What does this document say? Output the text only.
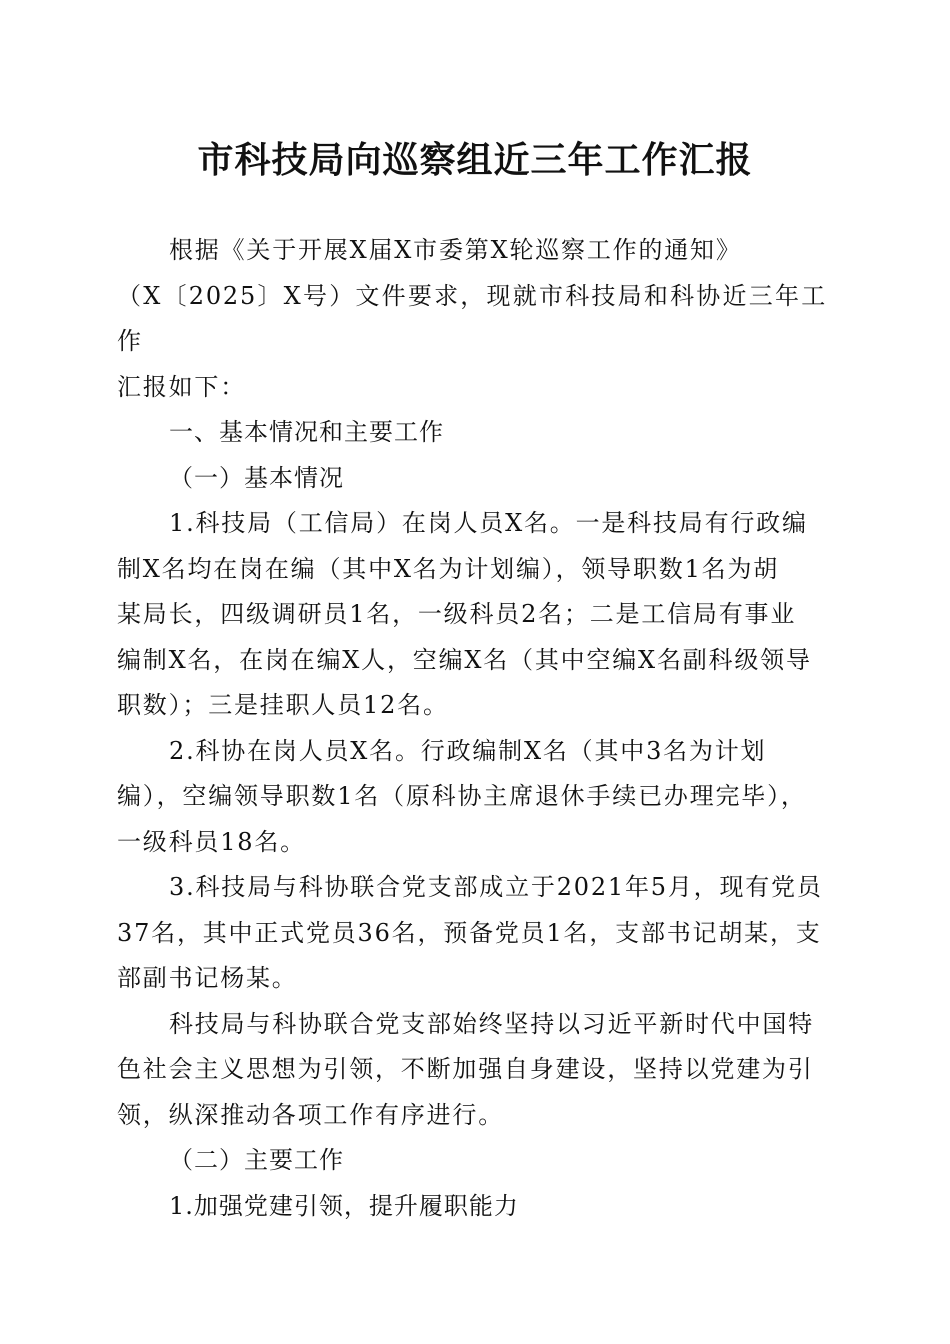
市科技局向巡察组近三年工作汇报

根据《关于开展X届X市委第X轮巡察工作的通知》
（X〔2025〕X号）文件要求，现就市科技局和科协近三年工作
汇报如下：

一、基本情况和主要工作

（一）基本情况

1.科技局（工信局）在岗人员X名。一是科技局有行政编
制X名均在岗在编（其中X名为计划编），领导职数1名为胡
某局长，四级调研员1名，一级科员2名；二是工信局有事业
编制X名，在岗在编X人，空编X名（其中空编X名副科级领导
职数）；三是挂职人员12名。

2.科协在岗人员X名。行政编制X名（其中3名为计划
编），空编领导职数1名（原科协主席退休手续已办理完毕），
一级科员18名。

3.科技局与科协联合党支部成立于2021年5月，现有党员
37名，其中正式党员36名，预备党员1名，支部书记胡某，支
部副书记杨某。

科技局与科协联合党支部始终坚持以习近平新时代中国特
色社会主义思想为引领，不断加强自身建设，坚持以党建为引
领，纵深推动各项工作有序进行。

（二）主要工作

1.加强党建引领，提升履职能力
